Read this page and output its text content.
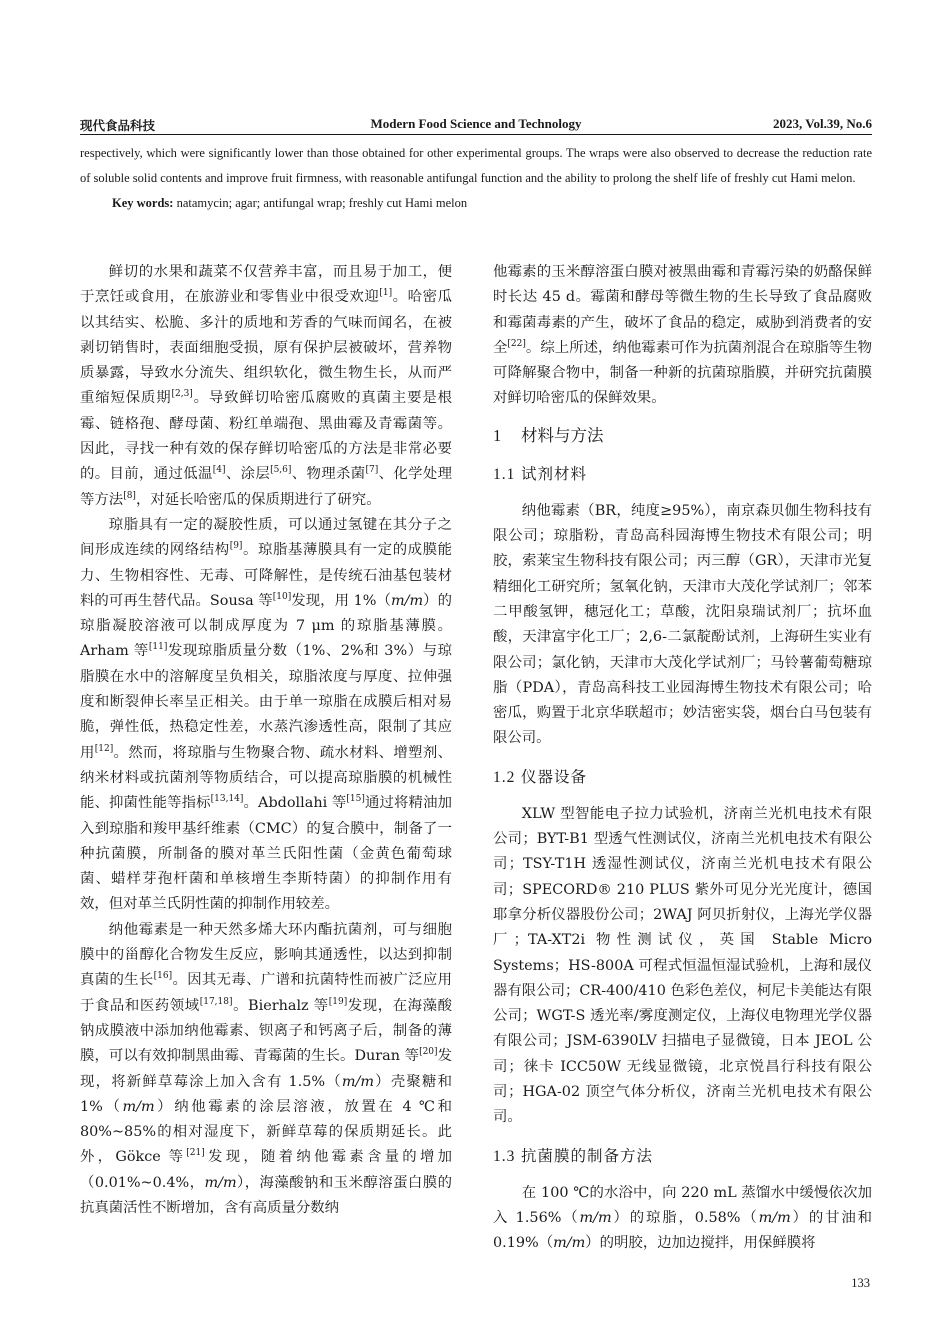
现代食品科技	Modern Food Science and Technology	2023, Vol.39, No.6

respectively, which were significantly lower than those obtained for other experimental groups. The wraps were also observed to decrease the reduction rate of soluble solid contents and improve fruit firmness, with reasonable antifungal function and the ability to prolong the shelf life of freshly cut Hami melon.

Key words: natamycin; agar; antifungal wrap; freshly cut Hami melon

鲜切的水果和蔬菜不仅营养丰富，而且易于加工，便于烹饪或食用，在旅游业和零售业中很受欢迎[1]。哈密瓜以其结实、松脆、多汁的质地和芳香的气味而闻名，在被剥切销售时，表面细胞受损，原有保护层被破坏，营养物质暴露，导致水分流失、组织软化，微生物生长，从而严重缩短保质期[2,3]。导致鲜切哈密瓜腐败的真菌主要是根霉、链格孢、酵母菌、粉红单端孢、黑曲霉及青霉菌等。因此，寻找一种有效的保存鲜切哈密瓜的方法是非常必要的。目前，通过低温[4]、涂层[5,6]、物理杀菌[7]、化学处理等方法[8]，对延长哈密瓜的保质期进行了研究。

琼脂具有一定的凝胶性质，可以通过氢键在其分子之间形成连续的网络结构[9]。琼脂基薄膜具有一定的成膜能力、生物相容性、无毒、可降解性，是传统石油基包装材料的可再生替代品。Sousa 等[10]发现，用 1%（m/m）的琼脂凝胶溶液可以制成厚度为 7 μm 的琼脂基薄膜。Arham 等[11]发现琼脂质量分数（1%、2%和 3%）与琼脂膜在水中的溶解度呈负相关，琼脂浓度与厚度、拉伸强度和断裂伸长率呈正相关。由于单一琼脂在成膜后相对易脆，弹性低，热稳定性差，水蒸汽渗透性高，限制了其应用[12]。然而，将琼脂与生物聚合物、疏水材料、增塑剂、纳米材料或抗菌剂等物质结合，可以提高琼脂膜的机械性能、抑菌性能等指标[13,14]。Abdollahi 等[15]通过将精油加入到琼脂和羧甲基纤维素（CMC）的复合膜中，制备了一种抗菌膜，所制备的膜对革兰氏阳性菌（金黄色葡萄球菌、蜡样芽孢杆菌和单核增生李斯特菌）的抑制作用有效，但对革兰氏阴性菌的抑制作用较差。

纳他霉素是一种天然多烯大环内酯抗菌剂，可与细胞膜中的甾醇化合物发生反应，影响其通透性，以达到抑制真菌的生长[16]。因其无毒、广谱和抗菌特性而被广泛应用于食品和医药领域[17,18]。Bierhalz 等[19]发现，在海藻酸钠成膜液中添加纳他霉素、钡离子和钙离子后，制备的薄膜，可以有效抑制黑曲霉、青霉菌的生长。Duran 等[20]发现，将新鲜草莓涂上加入含有 1.5%（m/m）壳聚糖和 1%（m/m）纳他霉素的涂层溶液，放置在 4 ℃和 80%~85%的相对湿度下，新鲜草莓的保质期延长。此外，Gökce 等[21]发现，随着纳他霉素含量的增加（0.01%~0.4%，m/m），海藻酸钠和玉米醇溶蛋白膜的抗真菌活性不断增加，含有高质量分数纳

他霉素的玉米醇溶蛋白膜对被黑曲霉和青霉污染的奶酪保鲜时长达 45 d。霉菌和酵母等微生物的生长导致了食品腐败和霉菌毒素的产生，破坏了食品的稳定，威胁到消费者的安全[22]。综上所述，纳他霉素可作为抗菌剂混合在琼脂等生物可降解聚合物中，制备一种新的抗菌琼脂膜，并研究抗菌膜对鲜切哈密瓜的保鲜效果。

1 材料与方法
1.1 试剂材料

纳他霉素（BR，纯度≥95%），南京森贝伽生物科技有限公司；琼脂粉，青岛高科园海博生物技术有限公司；明胶，索莱宝生物科技有限公司；丙三醇（GR），天津市光复精细化工研究所；氢氧化钠，天津市大茂化学试剂厂；邻苯二甲酸氢钾，穗冠化工；草酸，沈阳泉瑞试剂厂；抗坏血酸，天津富宇化工厂；2,6-二氯靛酚试剂，上海研生实业有限公司；氯化钠，天津市大茂化学试剂厂；马铃薯葡萄糖琼脂（PDA），青岛高科技工业园海博生物技术有限公司；哈密瓜，购置于北京华联超市；妙洁密实袋，烟台白马包装有限公司。

1.2 仪器设备

XLW 型智能电子拉力试验机，济南兰光机电技术有限公司；BYT-B1 型透气性测试仪，济南兰光机电技术有限公司；TSY-T1H 透湿性测试仪，济南兰光机电技术有限公司；SPECORD® 210 PLUS 紫外可见分光光度计，德国耶拿分析仪器股份公司；2WAJ 阿贝折射仪，上海光学仪器厂；TA-XT2i 物性测试仪，英国 Stable Micro Systems；HS-800A 可程式恒温恒湿试验机，上海和晟仪器有限公司；CR-400/410 色彩色差仪，柯尼卡美能达有限公司；WGT-S 透光率/雾度测定仪，上海仪电物理光学仪器有限公司；JSM-6390LV 扫描电子显微镜，日本 JEOL 公司；徕卡 ICC50W 无线显微镜，北京悦昌行科技有限公司；HGA-02 顶空气体分析仪，济南兰光机电技术有限公司。

1.3 抗菌膜的制备方法

在 100 ℃的水浴中，向 220 mL 蒸馏水中缓慢依次加入 1.56%（m/m）的琼脂，0.58%（m/m）的甘油和 0.19%（m/m）的明胶，边加边搅拌，用保鲜膜将

133
